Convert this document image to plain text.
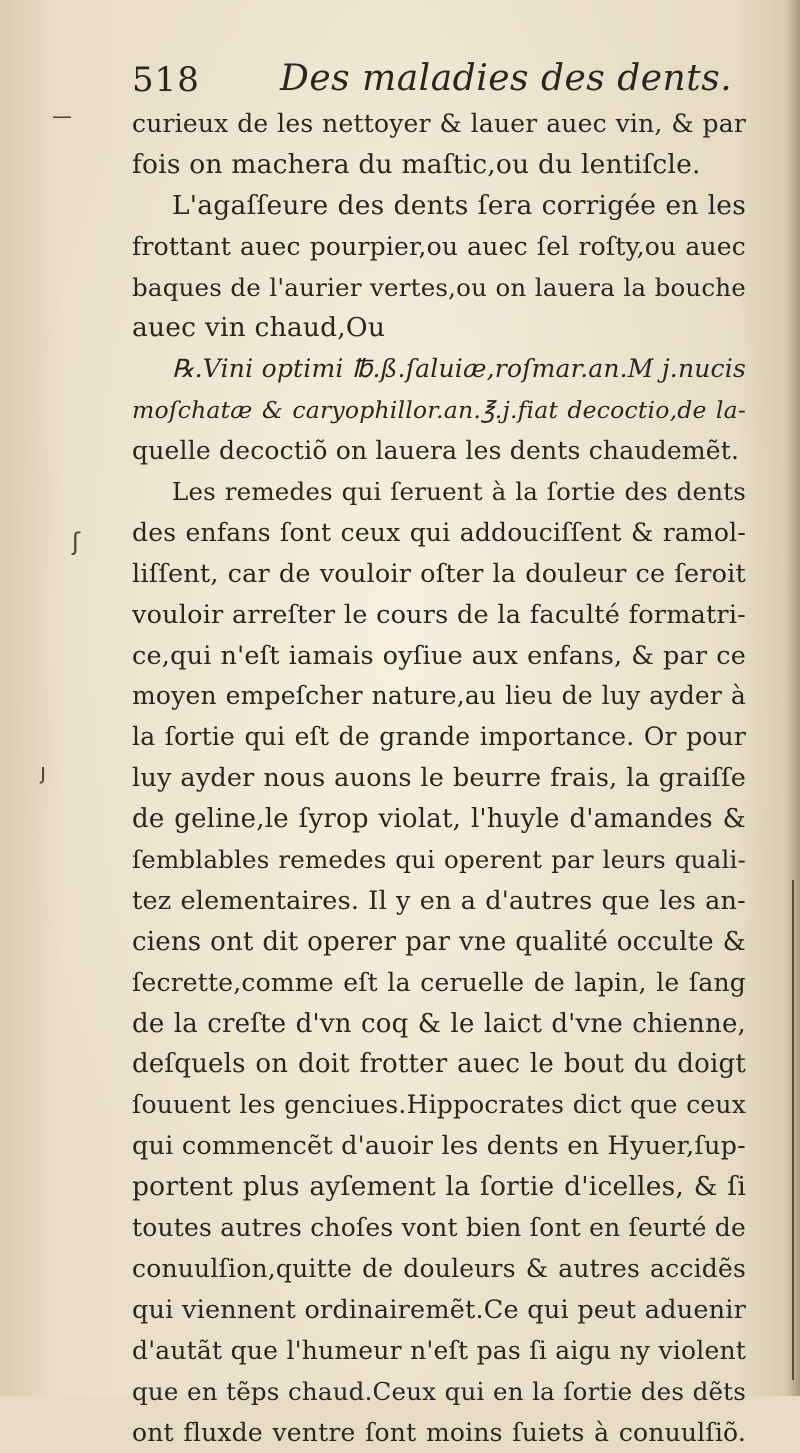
518 Des maladies des dents.
—
ʃ
ȷ
curieux de les nettoyer & lauer auec vin, & par
fois on machera du maſtic,ou du lentiſcle.
L'agaſſeure des dents ſera corrigée en les
frottant auec pourpier,ou auec ſel roſty,ou auec
baques de l'aurier vertes,ou on lauera la bouche
auec vin chaud,Ou
℞.Vini optimi ℔.ß.ſaluiæ,roſmar.an.M j.nucis
moſchatæ & caryophillor.an.℥.j.fiat decoctio,de la-
quelle decoctiõ on lauera les dents chaudemẽt.
Les remedes qui ſeruent à la ſortie des dents
des enfans ſont ceux qui addouciſſent & ramol-
liſſent, car de vouloir oſter la douleur ce ſeroit
vouloir arreſter le cours de la faculté formatri-
ce,qui n'eſt iamais oyſiue aux enfans, & par ce
moyen empeſcher nature,au lieu de luy ayder à
la ſortie qui eſt de grande importance. Or pour
luy ayder nous auons le beurre frais, la graiſſe
de geline,le ſyrop violat, l'huyle d'amandes &
ſemblables remedes qui operent par leurs quali-
tez elementaires. Il y en a d'autres que les an-
ciens ont dit operer par vne qualité occulte &
ſecrette,comme eſt la ceruelle de lapin, le ſang
de la creſte d'vn coq & le laict d'vne chienne,
deſquels on doit frotter auec le bout du doigt
ſouuent les genciues.Hippocrates dict que ceux
qui commencẽt d'auoir les dents en Hyuer,ſup-
portent plus ayſement la ſortie d'icelles, & ſi
toutes autres choſes vont bien ſont en ſeurté de
conuulſion,quitte de douleurs & autres accidẽs
qui viennent ordinairemẽt.Ce qui peut aduenir
d'autãt que l'humeur n'eſt pas ſi aigu ny violent
que en tẽps chaud.Ceux qui en la ſortie des dẽts
ont fluxde ventre ſont moins ſuiets à conuulſiõ.
